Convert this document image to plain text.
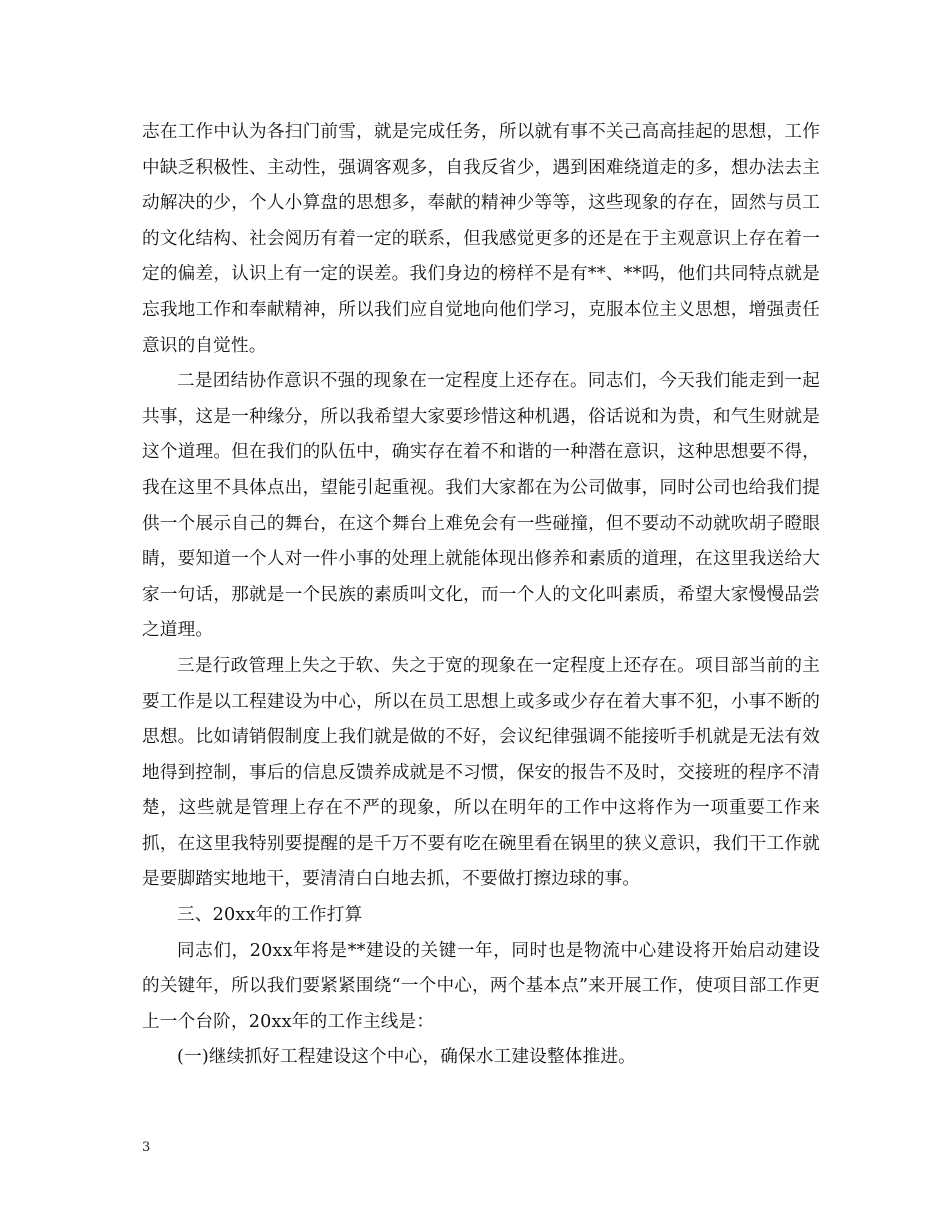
志在工作中认为各扫门前雪，就是完成任务，所以就有事不关己高高挂起的思想，工作中缺乏积极性、主动性，强调客观多，自我反省少，遇到困难绕道走的多，想办法去主动解决的少，个人小算盘的思想多，奉献的精神少等等，这些现象的存在，固然与员工的文化结构、社会阅历有着一定的联系，但我感觉更多的还是在于主观意识上存在着一定的偏差，认识上有一定的误差。我们身边的榜样不是有**、**吗，他们共同特点就是忘我地工作和奉献精神，所以我们应自觉地向他们学习，克服本位主义思想，增强责任意识的自觉性。

二是团结协作意识不强的现象在一定程度上还存在。同志们，今天我们能走到一起共事，这是一种缘分，所以我希望大家要珍惜这种机遇，俗话说和为贵，和气生财就是这个道理。但在我们的队伍中，确实存在着不和谐的一种潜在意识，这种思想要不得，我在这里不具体点出，望能引起重视。我们大家都在为公司做事，同时公司也给我们提供一个展示自己的舞台，在这个舞台上难免会有一些碰撞，但不要动不动就吹胡子瞪眼睛，要知道一个人对一件小事的处理上就能体现出修养和素质的道理，在这里我送给大家一句话，那就是一个民族的素质叫文化，而一个人的文化叫素质，希望大家慢慢品尝之道理。

三是行政管理上失之于软、失之于宽的现象在一定程度上还存在。项目部当前的主要工作是以工程建设为中心，所以在员工思想上或多或少存在着大事不犯，小事不断的思想。比如请销假制度上我们就是做的不好，会议纪律强调不能接听手机就是无法有效地得到控制，事后的信息反馈养成就是不习惯，保安的报告不及时，交接班的程序不清楚，这些就是管理上存在不严的现象，所以在明年的工作中这将作为一项重要工作来抓，在这里我特别要提醒的是千万不要有吃在碗里看在锅里的狭义意识，我们干工作就是要脚踏实地地干，要清清白白地去抓，不要做打擦边球的事。

三、20xx年的工作打算

同志们，20xx年将是**建设的关键一年，同时也是物流中心建设将开始启动建设的关键年，所以我们要紧紧围绕“一个中心，两个基本点”来开展工作，使项目部工作更上一个台阶，20xx年的工作主线是：

(一)继续抓好工程建设这个中心，确保水工建设整体推进。

3
